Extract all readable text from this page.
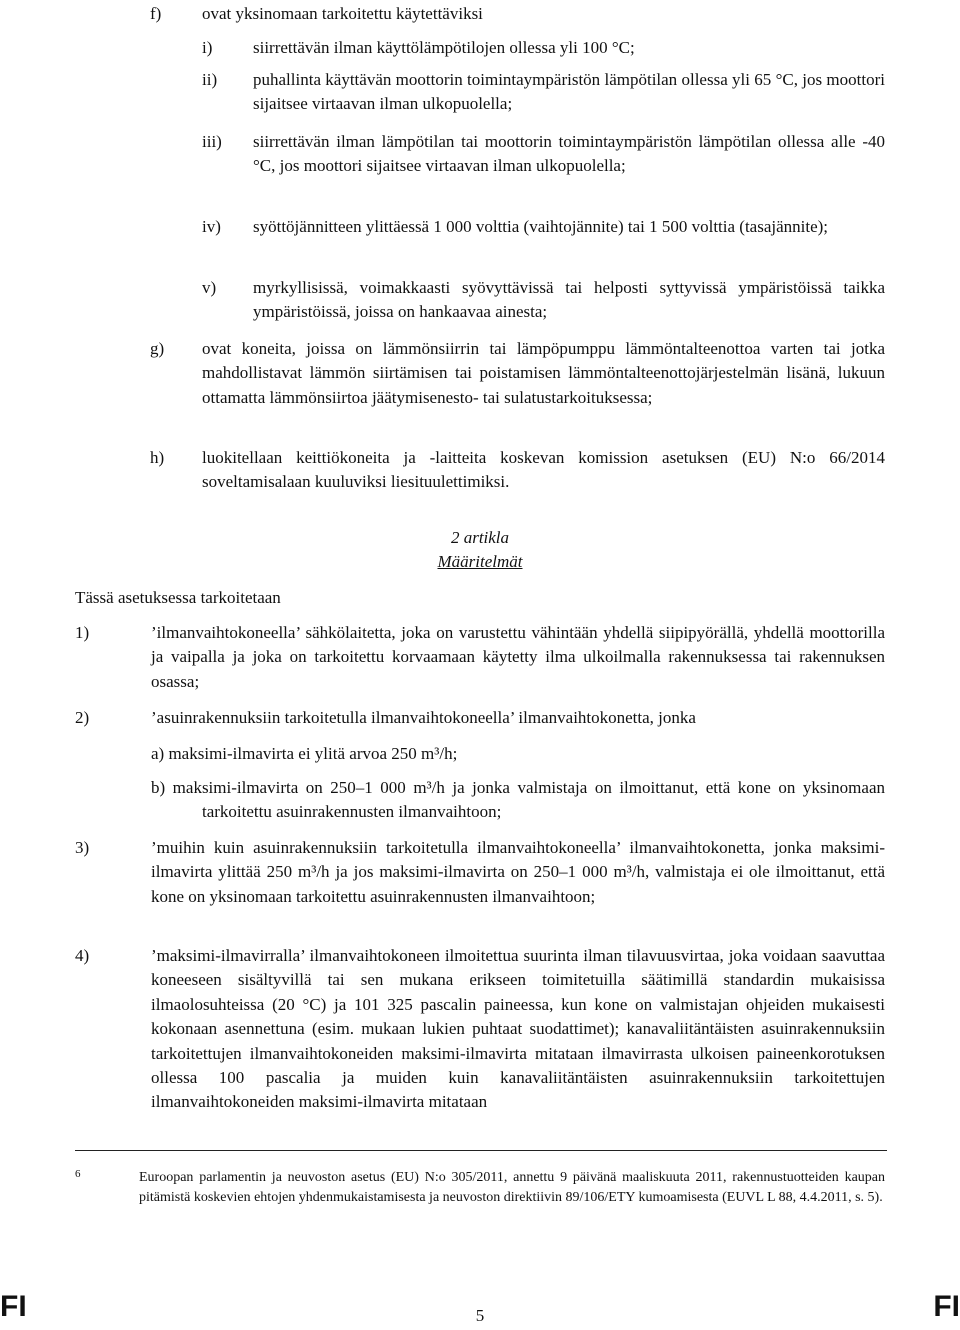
f) ovat yksinomaan tarkoitettu käytettäviksi
i) siirrettävän ilman käyttölämpötilojen ollessa yli 100 °C;
ii) puhallinta käyttävän moottorin toimintaympäristön lämpötilan ollessa yli 65 °C, jos moottori sijaitsee virtaavan ilman ulkopuolella;
iii) siirrettävän ilman lämpötilan tai moottorin toimintaympäristön lämpötilan ollessa alle -40 °C, jos moottori sijaitsee virtaavan ilman ulkopuolella;
iv) syöttöjännitteen ylittäessä 1 000 volttia (vaihtojännite) tai 1 500 volttia (tasajännite);
v) myrkyllisissä, voimakkaasti syövyttävissä tai helposti syttyvissä ympäristöissä taikka ympäristöissä, joissa on hankaavaa ainesta;
g) ovat koneita, joissa on lämmönsiirrin tai lämpöpumppu lämmöntalteenottoa varten tai jotka mahdollistavat lämmön siirtämisen tai poistamisen lämmöntalteenottojärjestelmän lisänä, lukuun ottamatta lämmönsiirtoa jäätymisenesto- tai sulatustarkoituksessa;
h) luokitellaan keittiökoneita ja -laitteita koskevan komission asetuksen (EU) N:o 66/2014 soveltamisalaan kuuluviksi liesituulettimiksi.
2 artikla
Määritelmät
Tässä asetuksessa tarkoitetaan
1)	’ilmanvaihtokoneella’ sähkölaitetta, joka on varustettu vähintään yhdellä siipipyörällä, yhdellä moottorilla ja vaipalla ja joka on tarkoitettu korvaamaan käytetty ilma ulkoilmalla rakennuksessa tai rakennuksen osassa;
2)	’asuinrakennuksiin tarkoitetulla ilmanvaihtokoneella’ ilmanvaihtokonetta, jonka
a) maksimi-ilmavirta ei ylitä arvoa 250 m³/h;
b) maksimi-ilmavirta on 250–1 000 m³/h ja jonka valmistaja on ilmoittanut, että kone on yksinomaan tarkoitettu asuinrakennusten ilmanvaihtoon;
3)	’muihin kuin asuinrakennuksiin tarkoitetulla ilmanvaihtokoneella’ ilmanvaihtokonetta, jonka maksimi-ilmavirta ylittää 250 m³/h ja jos maksimi-ilmavirta on 250–1 000 m³/h, valmistaja ei ole ilmoittanut, että kone on yksinomaan tarkoitettu asuinrakennusten ilmanvaihtoon;
4)	’maksimi-ilmavirralla’ ilmanvaihtokoneen ilmoitettua suurinta ilman tilavuusvirtaa, joka voidaan saavuttaa koneeseen sisältyvillä tai sen mukana erikseen toimitetuilla säätimillä standardin mukaisissa ilmaolosuhteissa (20 °C) ja 101 325 pascalin paineessa, kun kone on valmistajan ohjeiden mukaisesti kokonaan asennettuna (esim. mukaan lukien puhtaat suodattimet); kanavaliitäntäisten asuinrakennuksiin tarkoitettujen ilmanvaihtokoneiden maksimi-ilmavirta mitataan ilmavirrasta ulkoisen paineenkorotuksen ollessa 100 pascalia ja muiden kuin kanavaliitäntäisten asuinrakennuksiin tarkoitettujen ilmanvaihtokoneiden maksimi-ilmavirta mitataan
6	Euroopan parlamentin ja neuvoston asetus (EU) N:o 305/2011, annettu 9 päivänä maaliskuuta 2011, rakennustuotteiden kaupan pitämistä koskevien ehtojen yhdenmukaistamisesta ja neuvoston direktiivin 89/106/ETY kumoamisesta (EUVL L 88, 4.4.2011, s. 5).
FI	5	FI
